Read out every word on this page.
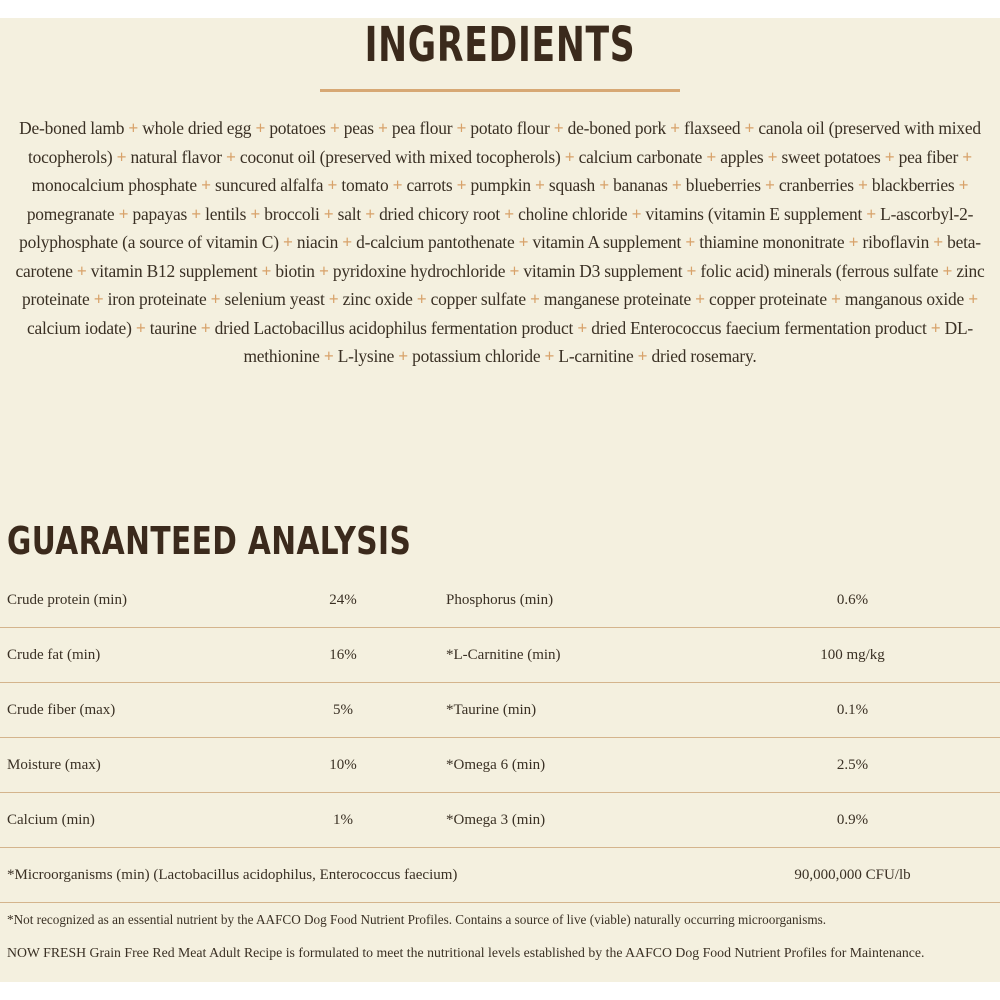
INGREDIENTS
De-boned lamb + whole dried egg + potatoes + peas + pea flour + potato flour + de-boned pork + flaxseed + canola oil (preserved with mixed tocopherols) + natural flavor + coconut oil (preserved with mixed tocopherols) + calcium carbonate + apples + sweet potatoes + pea fiber + monocalcium phosphate + suncured alfalfa + tomato + carrots + pumpkin + squash + bananas + blueberries + cranberries + blackberries + pomegranate + papayas + lentils + broccoli + salt + dried chicory root + choline chloride + vitamins (vitamin E supplement + L-ascorbyl-2-polyphosphate (a source of vitamin C) + niacin + d-calcium pantothenate + vitamin A supplement + thiamine mononitrate + riboflavin + beta-carotene + vitamin B12 supplement + biotin + pyridoxine hydrochloride + vitamin D3 supplement + folic acid) minerals (ferrous sulfate + zinc proteinate + iron proteinate + selenium yeast + zinc oxide + copper sulfate + manganese proteinate + copper proteinate + manganous oxide + calcium iodate) + taurine + dried Lactobacillus acidophilus fermentation product + dried Enterococcus faecium fermentation product + DL-methionine + L-lysine + potassium chloride + L-carnitine + dried rosemary.
GUARANTEED ANALYSIS
Crude protein (min)	24%	Phosphorus (min)	0.6%
Crude fat (min)	16%	*L-Carnitine (min)	100 mg/kg
Crude fiber (max)	5%	*Taurine (min)	0.1%
Moisture (max)	10%	*Omega 6 (min)	2.5%
Calcium (min)	1%	*Omega 3 (min)	0.9%
*Microorganisms (min) (Lactobacillus acidophilus, Enterococcus faecium)	90,000,000 CFU/lb
*Not recognized as an essential nutrient by the AAFCO Dog Food Nutrient Profiles. Contains a source of live (viable) naturally occurring microorganisms.
NOW FRESH Grain Free Red Meat Adult Recipe is formulated to meet the nutritional levels established by the AAFCO Dog Food Nutrient Profiles for Maintenance.
